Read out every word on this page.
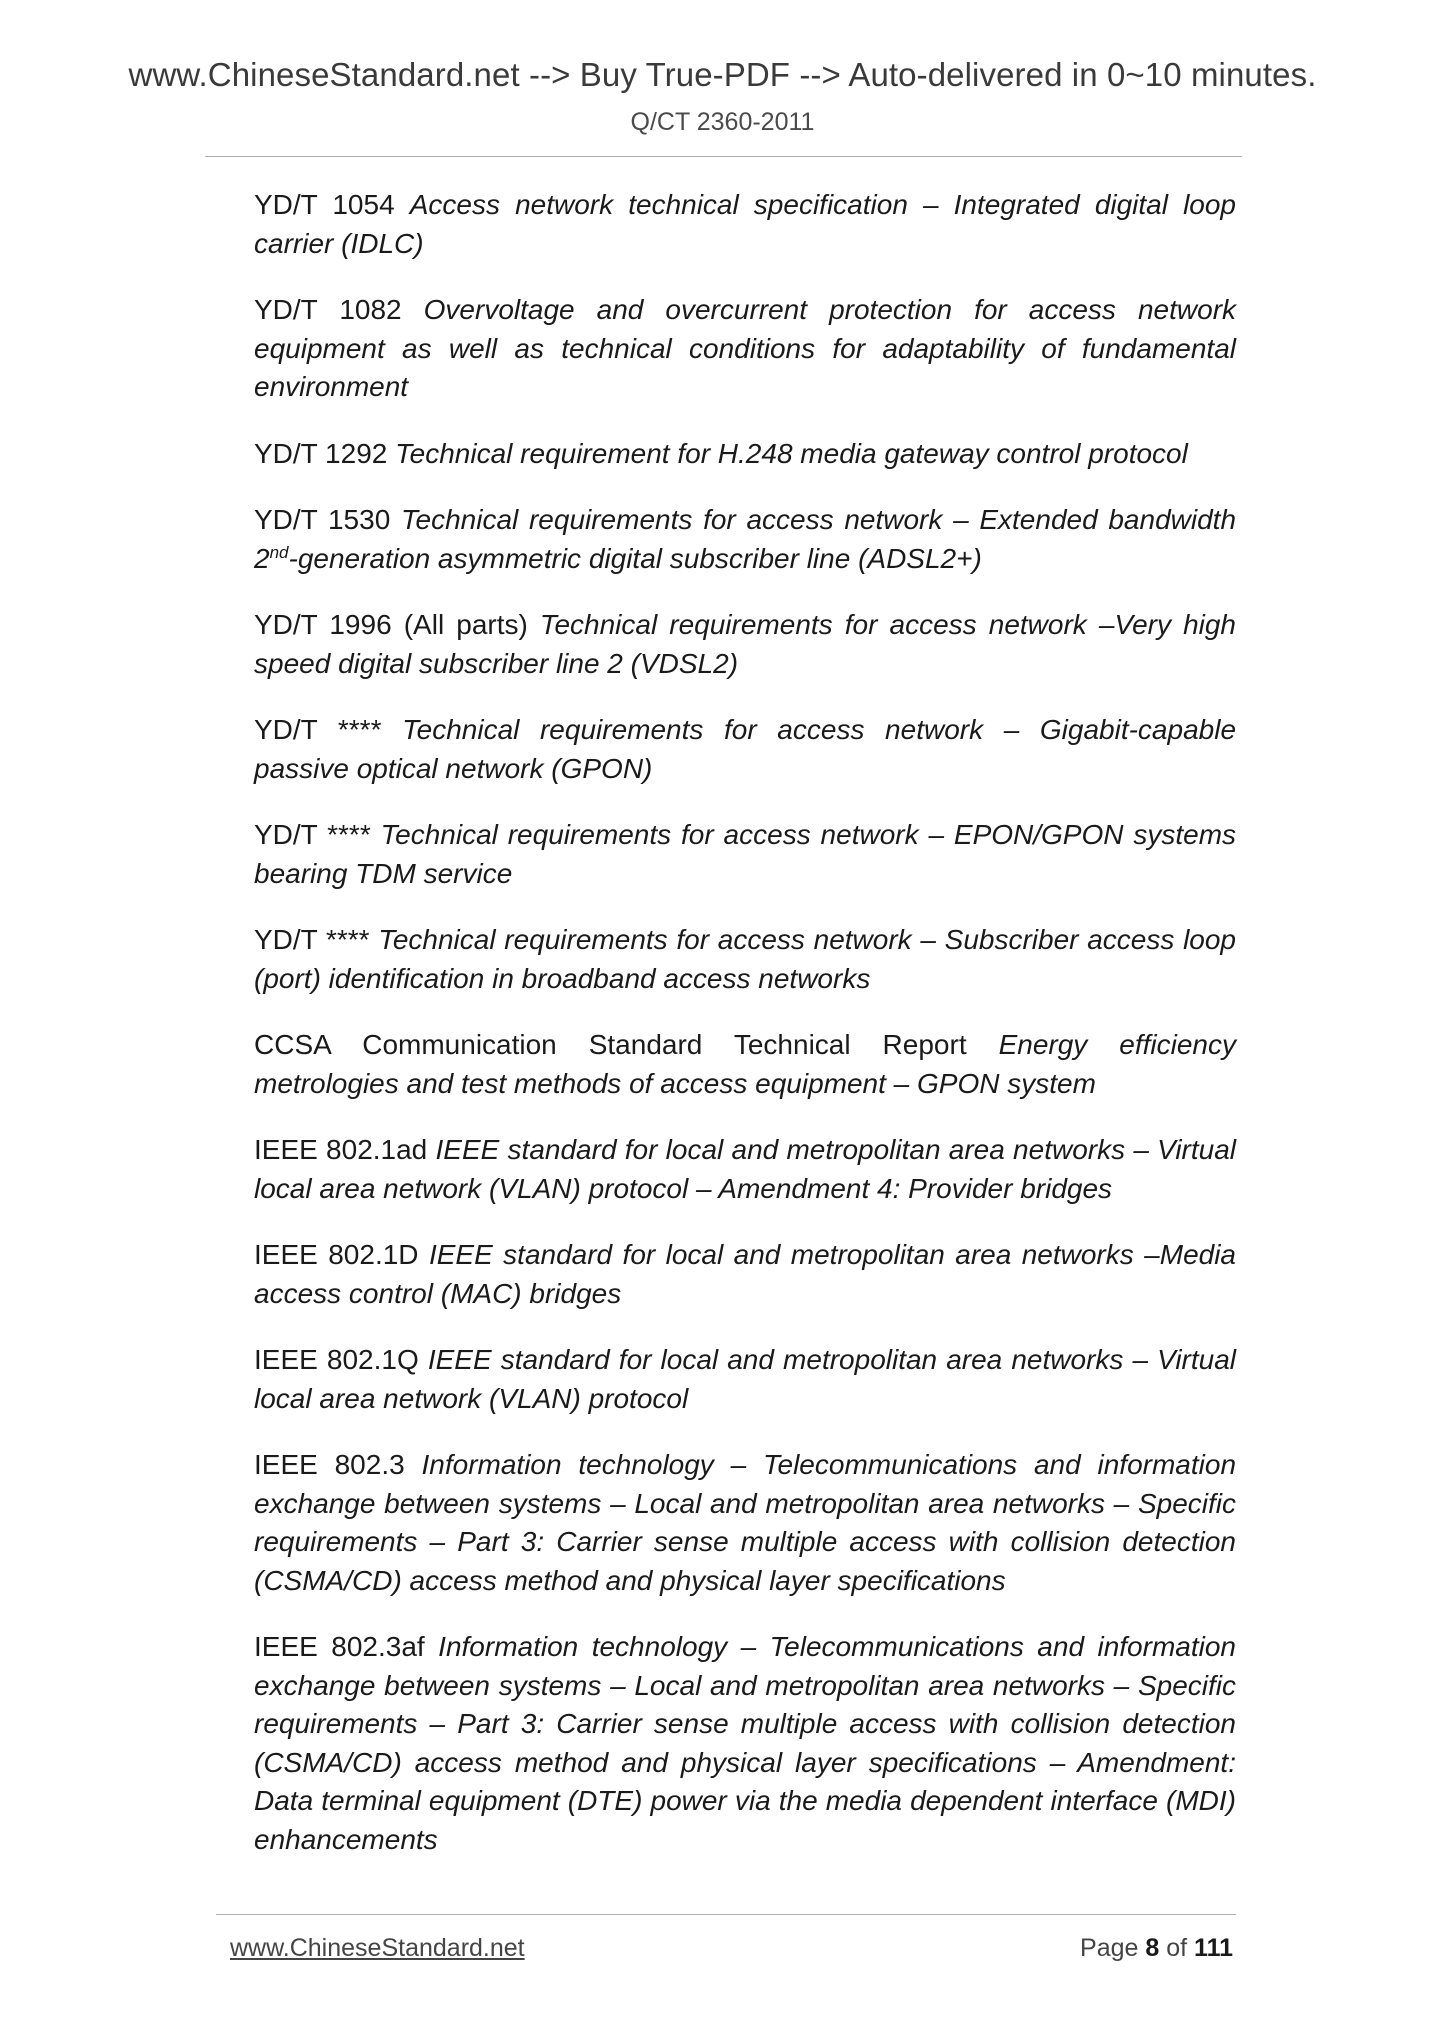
www.ChineseStandard.net --> Buy True-PDF --> Auto-delivered in 0~10 minutes.
Q/CT 2360-2011

YD/T 1054 Access network technical specification – Integrated digital loop carrier (IDLC)

YD/T 1082 Overvoltage and overcurrent protection for access network equipment as well as technical conditions for adaptability of fundamental environment

YD/T 1292 Technical requirement for H.248 media gateway control protocol

YD/T 1530 Technical requirements for access network – Extended bandwidth 2nd-generation asymmetric digital subscriber line (ADSL2+)

YD/T 1996 (All parts) Technical requirements for access network –Very high speed digital subscriber line 2 (VDSL2)

YD/T **** Technical requirements for access network – Gigabit-capable passive optical network (GPON)

YD/T **** Technical requirements for access network – EPON/GPON systems bearing TDM service

YD/T **** Technical requirements for access network – Subscriber access loop (port) identification in broadband access networks

CCSA Communication Standard Technical Report Energy efficiency metrologies and test methods of access equipment – GPON system

IEEE 802.1ad IEEE standard for local and metropolitan area networks – Virtual local area network (VLAN) protocol – Amendment 4: Provider bridges

IEEE 802.1D IEEE standard for local and metropolitan area networks –Media access control (MAC) bridges

IEEE 802.1Q IEEE standard for local and metropolitan area networks – Virtual local area network (VLAN) protocol

IEEE 802.3 Information technology – Telecommunications and information exchange between systems – Local and metropolitan area networks – Specific requirements – Part 3: Carrier sense multiple access with collision detection (CSMA/CD) access method and physical layer specifications

IEEE 802.3af Information technology – Telecommunications and information exchange between systems – Local and metropolitan area networks – Specific requirements – Part 3: Carrier sense multiple access with collision detection (CSMA/CD) access method and physical layer specifications – Amendment: Data terminal equipment (DTE) power via the media dependent interface (MDI) enhancements

www.ChineseStandard.net	Page 8 of 111
